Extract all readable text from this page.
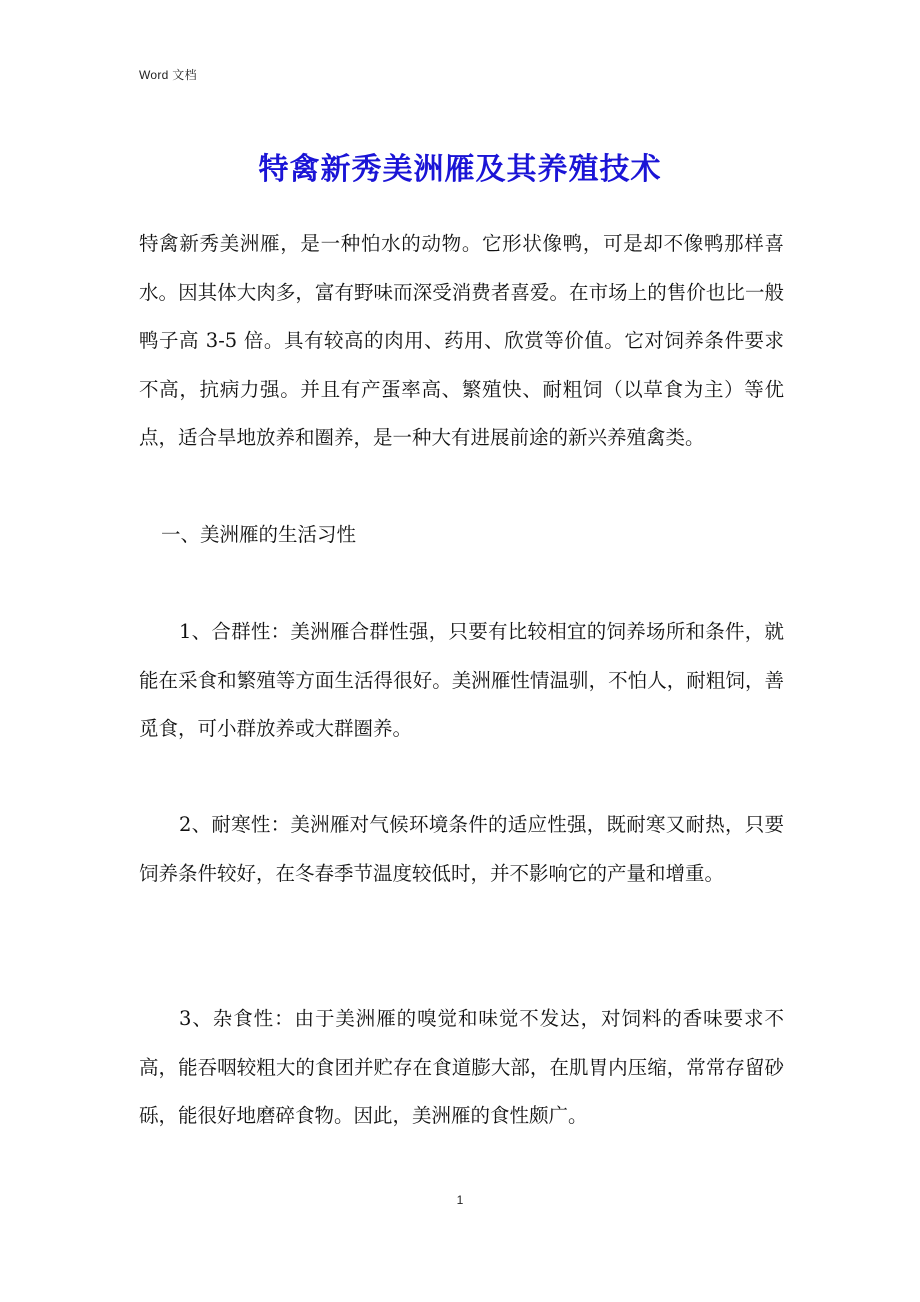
Word 文档
特禽新秀美洲雁及其养殖技术
特禽新秀美洲雁，是一种怕水的动物。它形状像鸭，可是却不像鸭那样喜水。因其体大肉多，富有野味而深受消费者喜爱。在市场上的售价也比一般鸭子高 3-5 倍。具有较高的肉用、药用、欣赏等价值。它对饲养条件要求不高，抗病力强。并且有产蛋率高、繁殖快、耐粗饲（以草食为主）等优点，适合旱地放养和圈养，是一种大有进展前途的新兴养殖禽类。
一、美洲雁的生活习性
1、合群性：美洲雁合群性强，只要有比较相宜的饲养场所和条件，就能在采食和繁殖等方面生活得很好。美洲雁性情温驯，不怕人，耐粗饲，善觅食，可小群放养或大群圈养。
2、耐寒性：美洲雁对气候环境条件的适应性强，既耐寒又耐热，只要饲养条件较好，在冬春季节温度较低时，并不影响它的产量和增重。
3、杂食性：由于美洲雁的嗅觉和味觉不发达，对饲料的香味要求不高，能吞咽较粗大的食团并贮存在食道膨大部，在肌胃内压缩，常常存留砂砾，能很好地磨碎食物。因此，美洲雁的食性颇广。
1
